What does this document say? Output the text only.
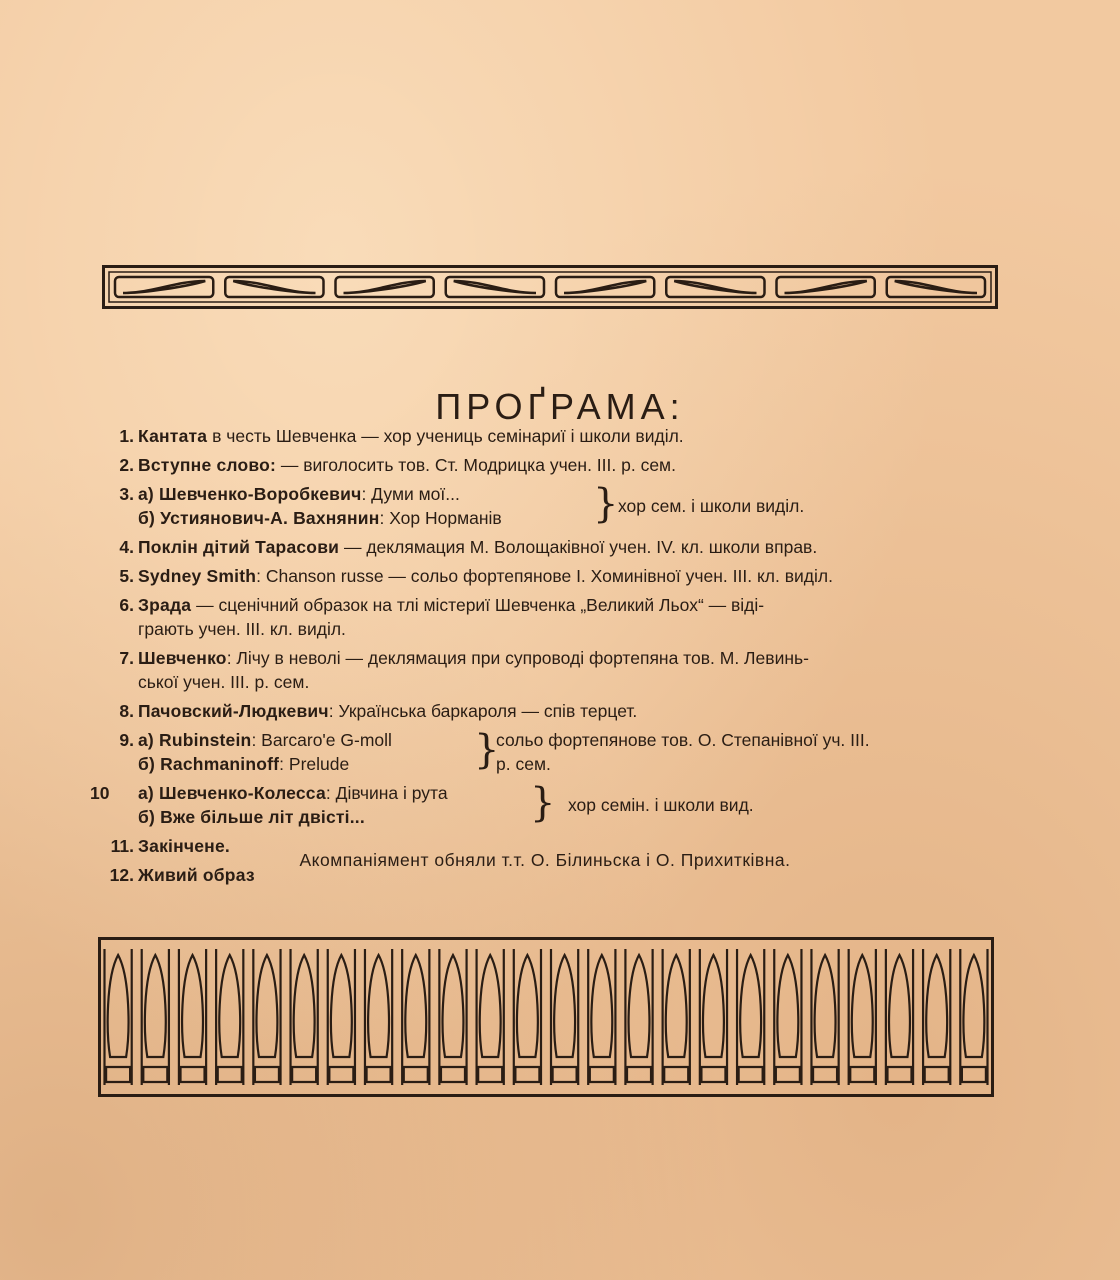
ПРОҐРАМА:
1. Кантата в честь Шевченка — хор учениць семінариї і школи виділ.
2. Вступне слово: — виголосить тов. Ст. Модрицка учен. III. р. сем.
3. а) Шевченко-Воробкевич: Думи мої...
б) Устиянович-А. Вахнянин: Хор Норманів } хор сем. і школи виділ.
4. Поклін дітий Тарасови — деклямация М. Волощаківної учен. IV. кл. школи вправ.
5. Sydney Smith: Chanson russe — сольо фортепянове І. Хоминівної учен. III. кл. виділ.
6. Зрада — сценічний образок на тлі містериї Шевченка „Великий Льох“ — віді-
грають учен. III. кл. виділ.
7. Шевченко: Лічу в неволі — деклямация при супроводі фортепяна тов. М. Левинь-
ської учен. III. р. сем.
8. Пачовский-Людкевич: Українська баркароля — спів терцет.
9. а) Rubinstein: Barcaro'e G-moll	сольо фортепянове тов. О. Степанівної уч. III.
б) Rachmaninoff: Prelude	р. сем.
}
10	а) Шевченко-Колесса: Дівчина і рута
б) Вже більше літ двісті...	} хор семін. і школи вид.
11. Закінчене.
12. Живий образ
Акомпаніямент обняли т.т. О. Білиньска і О. Прихитківна.
